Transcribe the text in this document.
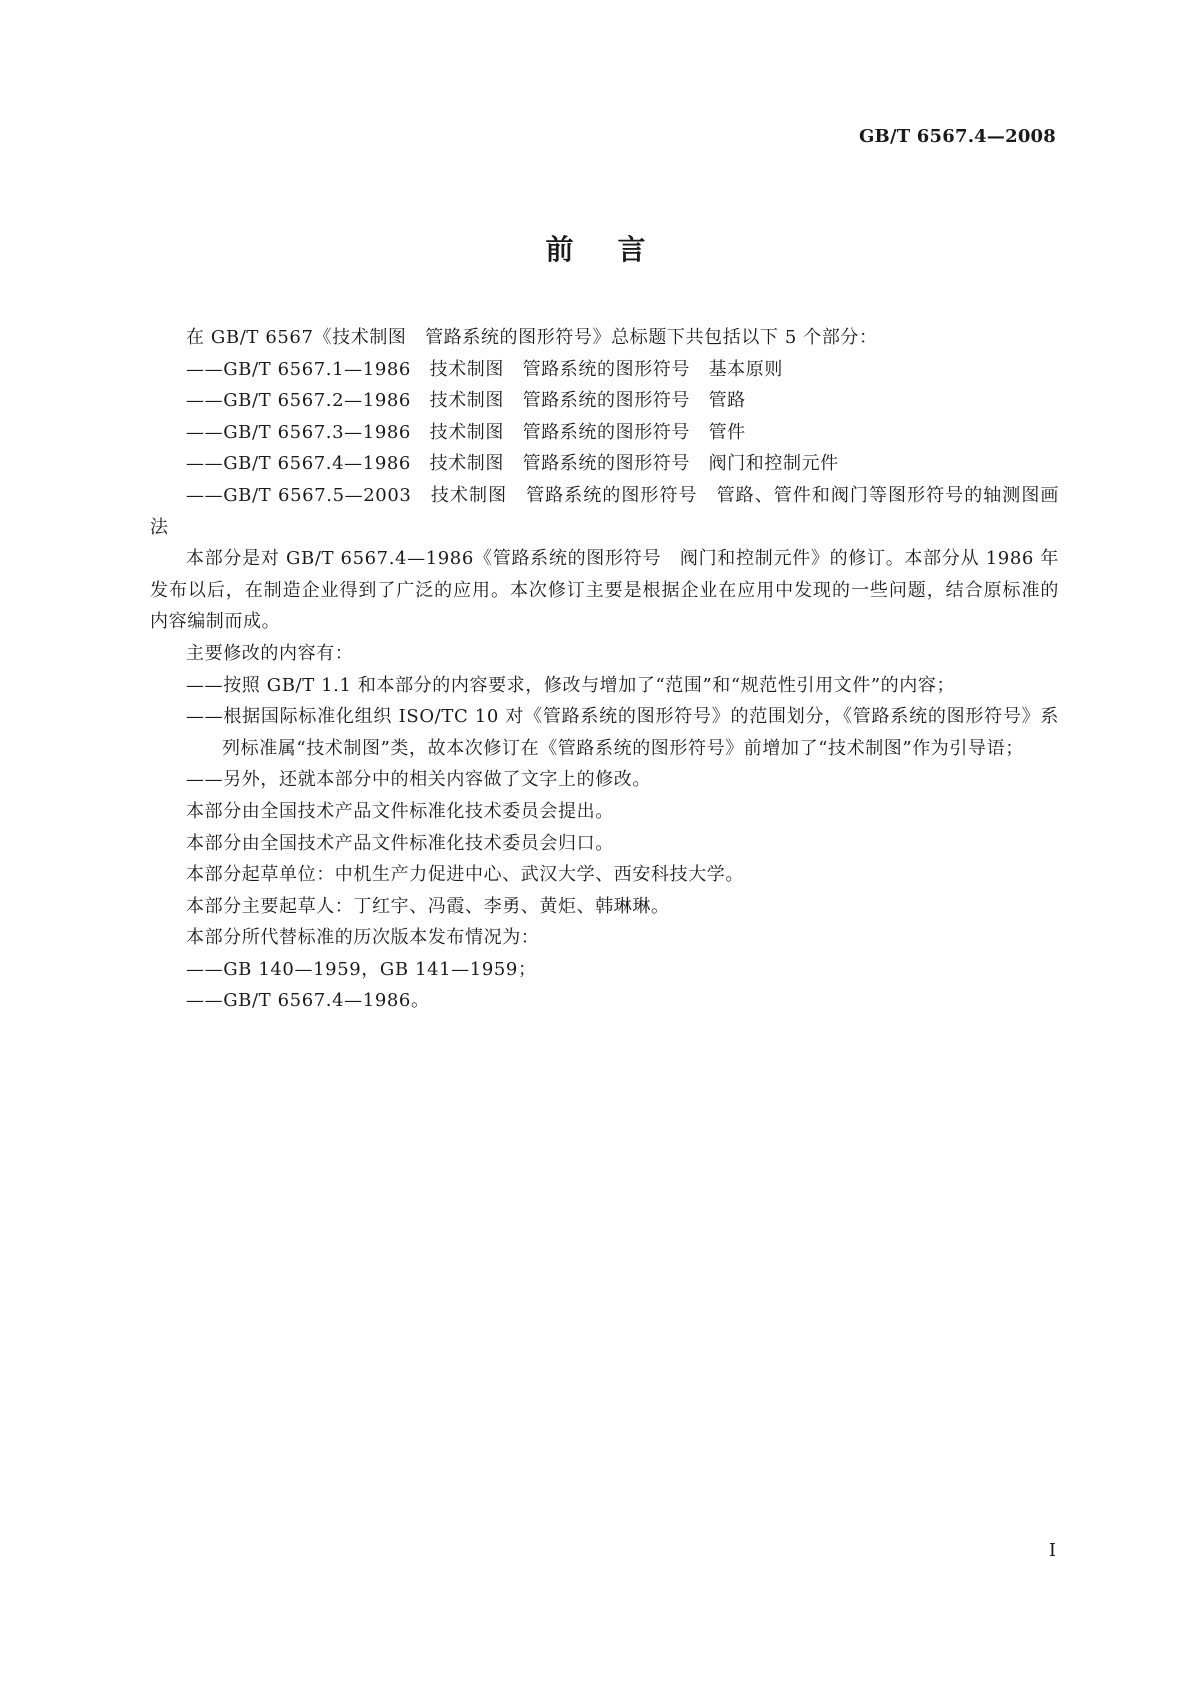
GB/T 6567.4—2008
前言

在 GB/T 6567《技术制图　管路系统的图形符号》总标题下共包括以下 5 个部分：

——GB/T 6567.1—1986　技术制图　管路系统的图形符号　基本原则

——GB/T 6567.2—1986　技术制图　管路系统的图形符号　管路

——GB/T 6567.3—1986　技术制图　管路系统的图形符号　管件

——GB/T 6567.4—1986　技术制图　管路系统的图形符号　阀门和控制元件

——GB/T 6567.5—2003　技术制图　管路系统的图形符号　管路、管件和阀门等图形符号的轴测图画法

本部分是对 GB/T 6567.4—1986《管路系统的图形符号　阀门和控制元件》的修订。本部分从 1986 年发布以后，在制造企业得到了广泛的应用。本次修订主要是根据企业在应用中发现的一些问题，结合原标准的内容编制而成。

主要修改的内容有：

——按照 GB/T 1.1 和本部分的内容要求，修改与增加了“范围”和“规范性引用文件”的内容；

——根据国际标准化组织 ISO/TC 10 对《管路系统的图形符号》的范围划分，《管路系统的图形符号》系列标准属“技术制图”类，故本次修订在《管路系统的图形符号》前增加了“技术制图”作为引导语；

——另外，还就本部分中的相关内容做了文字上的修改。

本部分由全国技术产品文件标准化技术委员会提出。

本部分由全国技术产品文件标准化技术委员会归口。

本部分起草单位：中机生产力促进中心、武汉大学、西安科技大学。

本部分主要起草人：丁红宇、冯霞、李勇、黄炬、韩琳琳。

本部分所代替标准的历次版本发布情况为：

——GB 140—1959，GB 141—1959；

——GB/T 6567.4—1986。

I
